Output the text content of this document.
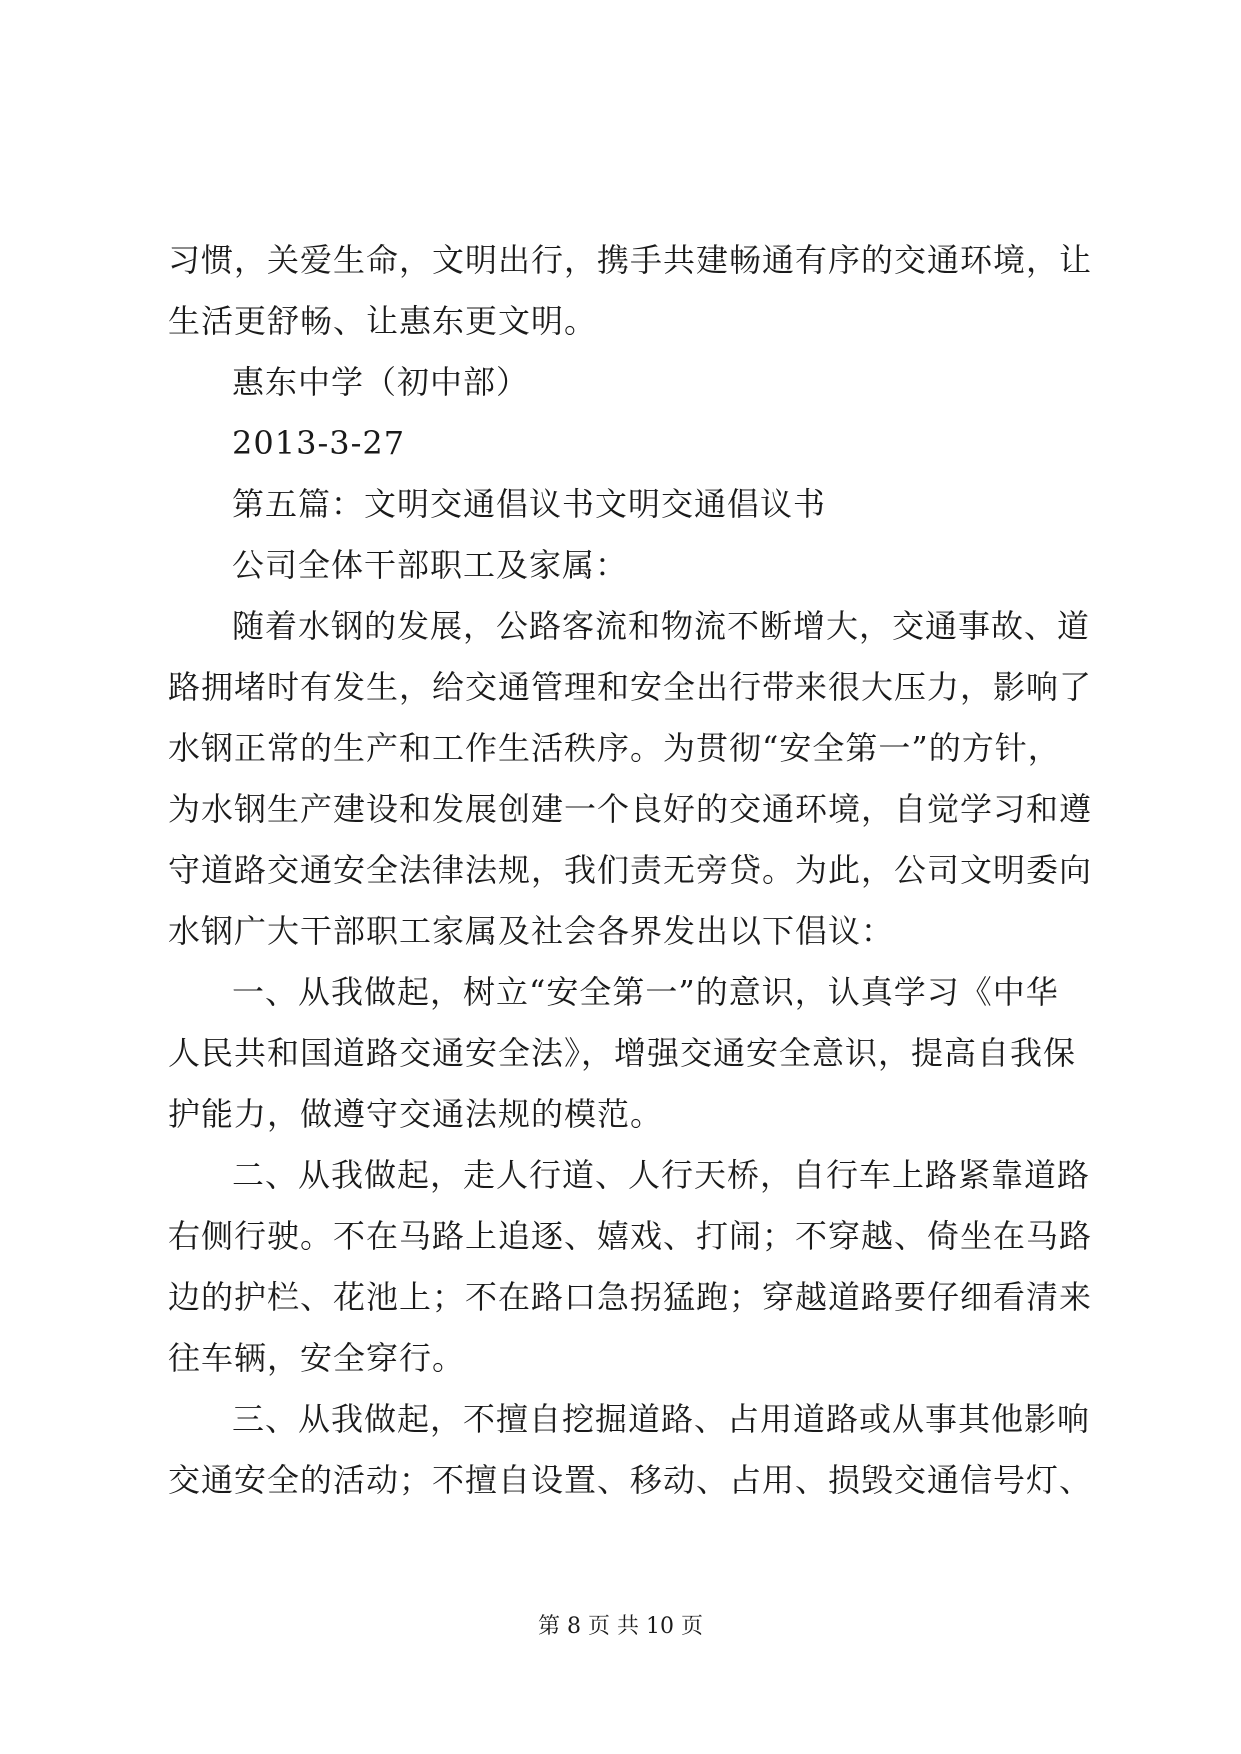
习惯，关爱生命，文明出行，携手共建畅通有序的交通环境，让
生活更舒畅、让惠东更文明。
惠东中学（初中部）
2013-3-27
第五篇：文明交通倡议书文明交通倡议书
公司全体干部职工及家属：
随着水钢的发展，公路客流和物流不断增大，交通事故、道
路拥堵时有发生，给交通管理和安全出行带来很大压力，影响了
水钢正常的生产和工作生活秩序。为贯彻“安全第一”的方针，
为水钢生产建设和发展创建一个良好的交通环境，自觉学习和遵
守道路交通安全法律法规，我们责无旁贷。为此，公司文明委向
水钢广大干部职工家属及社会各界发出以下倡议：
一、从我做起，树立“安全第一”的意识，认真学习《中华
人民共和国道路交通安全法》，增强交通安全意识，提高自我保
护能力，做遵守交通法规的模范。
二、从我做起，走人行道、人行天桥，自行车上路紧靠道路
右侧行驶。不在马路上追逐、嬉戏、打闹；不穿越、倚坐在马路
边的护栏、花池上；不在路口急拐猛跑；穿越道路要仔细看清来
往车辆，安全穿行。
三、从我做起，不擅自挖掘道路、占用道路或从事其他影响
交通安全的活动；不擅自设置、移动、占用、损毁交通信号灯、
第 8 页 共 10 页
